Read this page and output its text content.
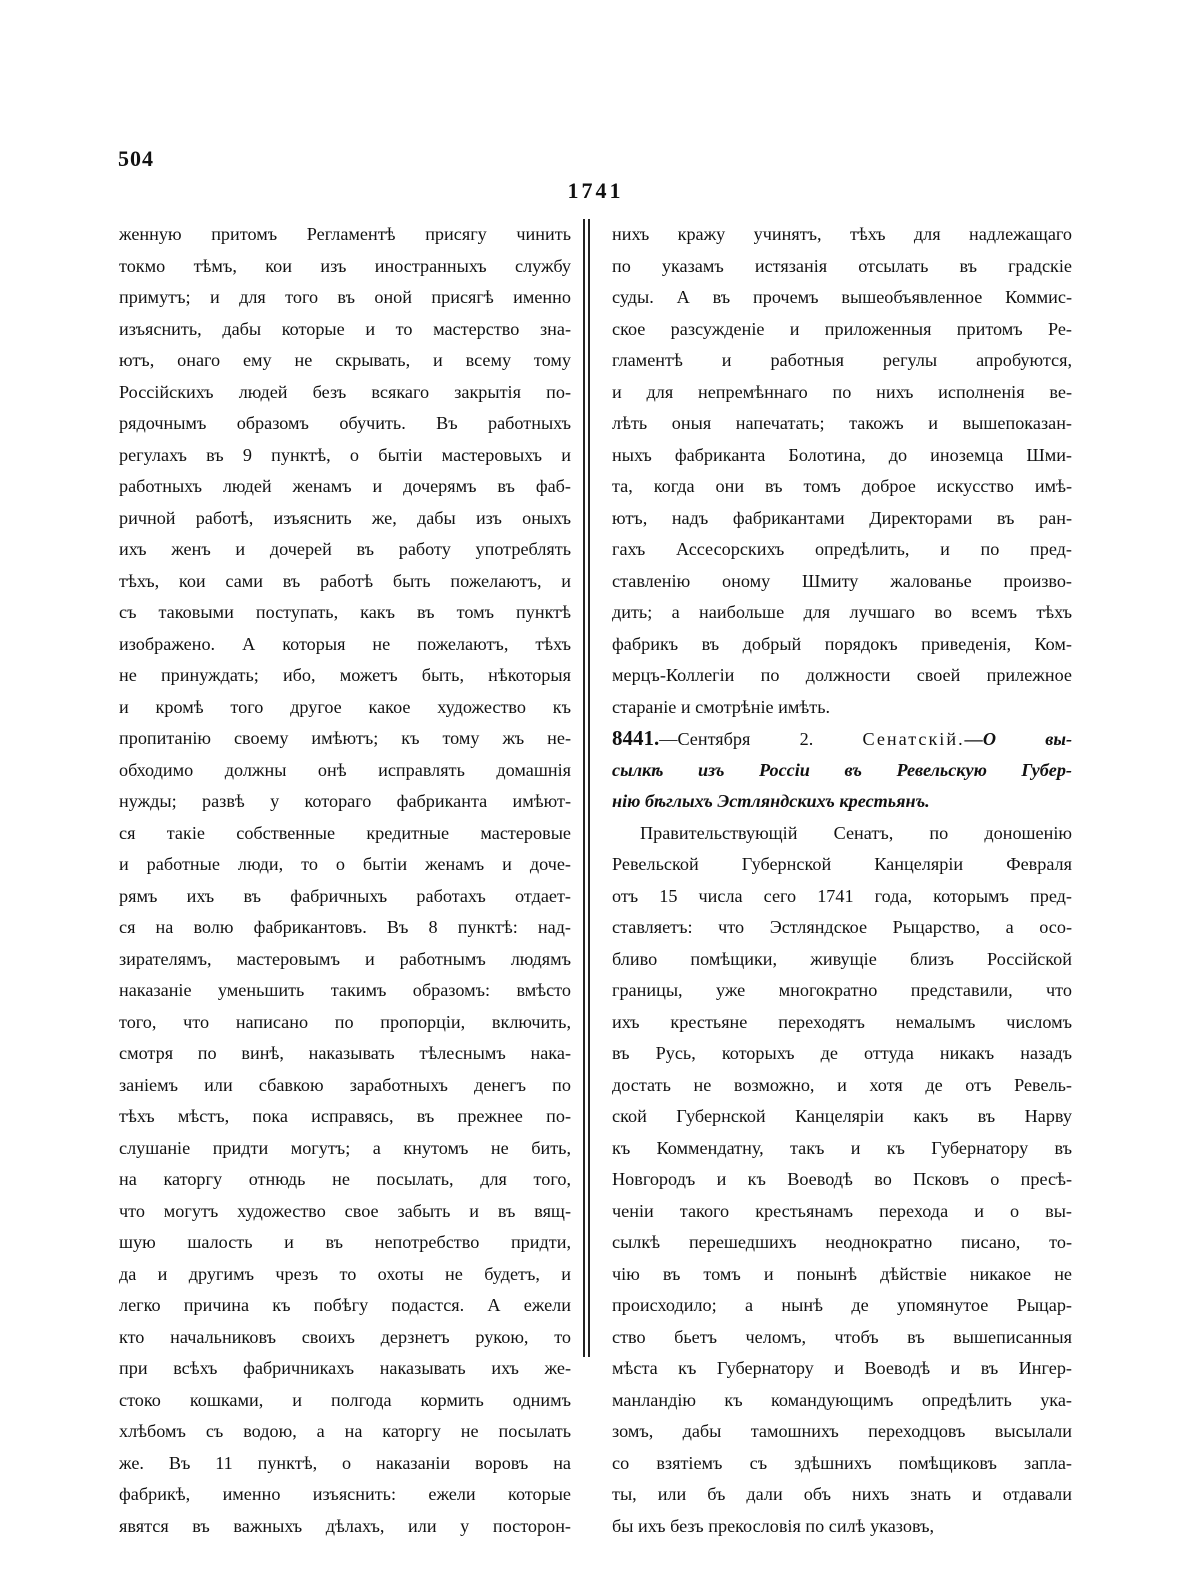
504
1741
женную притомъ Регламентѣ присягу чинить
токмо тѣмъ, кои изъ иностранныхъ службу
примутъ; и для того въ оной присягѣ именно
изъяснить, дабы которые и то мастерство зна-
ютъ, онаго ему не скрывать, и всему тому
Россійскихъ людей безъ всякаго закрытія по-
рядочнымъ образомъ обучить. Въ работныхъ
регулахъ въ 9 пунктѣ, о бытіи мастеровыхъ и
работныхъ людей женамъ и дочерямъ въ фаб-
ричной работѣ, изъяснить же, дабы изъ оныхъ
ихъ женъ и дочерей въ работу употреблять
тѣхъ, кои сами въ работѣ быть пожелаютъ, и
съ таковыми поступать, какъ въ томъ пунктѣ
изображено. А которыя не пожелаютъ, тѣхъ
не принуждать; ибо, можетъ быть, нѣкоторыя
и кромѣ того другое какое художество къ
пропитанію своему имѣютъ; къ тому жъ не-
обходимо должны онѣ исправлять домашнія
нужды; развѣ у котораго фабриканта имѣют-
ся такіе собственные кредитные мастеровые
и работные люди, то о бытіи женамъ и доче-
рямъ ихъ въ фабричныхъ работахъ отдает-
ся на волю фабрикантовъ. Въ 8 пунктѣ: над-
зирателямъ, мастеровымъ и работнымъ людямъ
наказаніе уменьшить такимъ образомъ: вмѣсто
того, что написано по пропорціи, включить,
смотря по винѣ, наказывать тѣлеснымъ нака-
заніемъ или сбавкою заработныхъ денегъ по
тѣхъ мѣстъ, пока исправясь, въ прежнее по-
слушаніе придти могутъ; а кнутомъ не бить,
на каторгу отнюдь не посылать, для того,
что могутъ художество свое забыть и въ вящ-
шую шалость и въ непотребство придти,
да и другимъ чрезъ то охоты не будетъ, и
легко причина къ побѣгу подастся. А ежели
кто начальниковъ своихъ дерзнетъ рукою, то
при всѣхъ фабричникахъ наказывать ихъ же-
стоко кошками, и полгода кормить однимъ
хлѣбомъ съ водою, а на каторгу не посылать
же. Въ 11 пунктѣ, о наказаніи воровъ на
фабрикѣ, именно изъяснить: ежели которые
явятся въ важныхъ дѣлахъ, или у посторон-
нихъ кражу учинятъ, тѣхъ для надлежащаго
по указамъ истязанія отсылать въ градскіе
суды. А въ прочемъ вышеобъявленное Коммис-
ское разсужденіе и приложенныя притомъ Ре-
гламентѣ и работныя регулы апробуются,
и для непремѣннаго по нихъ исполненія ве-
лѣть оныя напечатать; такожъ и вышепоказан-
ныхъ фабриканта Болотина, до иноземца Шми-
та, когда они въ томъ доброе искусство имѣ-
ютъ, надъ фабрикантами Директорами въ ран-
гахъ Ассесорскихъ опредѣлить, и по пред-
ставленію оному Шмиту жалованье произво-
дить; а наибольше для лучшаго во всемъ тѣхъ
фабрикъ въ добрый порядокъ приведенія, Ком-
мерцъ-Коллегіи по должности своей прилежное
стараніе и смотрѣніе имѣть.
8441.—Сентября 2.	Сенатскій.—О вы-
сылкѣ изъ Россіи въ Ревельскую Губер-
нію бѣглыхъ Эстляндскихъ крестьянъ.
Правительствующій Сенатъ, по доношенію
Ревельской Губернской Канцеляріи Февраля
отъ 15 числа сего 1741 года, которымъ пред-
ставляетъ: что Эстляндское Рыцарство, а осо-
бливо помѣщики, живущіе близъ Россійской
границы, уже многократно представили, что
ихъ крестьяне переходятъ немалымъ числомъ
въ Русь, которыхъ де оттуда никакъ назадъ
достать не возможно, и хотя де отъ Ревель-
ской Губернской Канцеляріи какъ въ Нарву
къ Коммендатну, такъ и къ Губернатору въ
Новгородъ и къ Воеводѣ во Псковъ о пресѣ-
ченіи такого крестьянамъ перехода и о вы-
сылкѣ перешедшихъ неоднократно писано, то-
чію въ томъ и понынѣ дѣйствіе никакое не
происходило; а нынѣ де упомянутое Рыцар-
ство бьетъ челомъ, чтобъ въ вышеписанныя
мѣста къ Губернатору и Воеводѣ и въ Ингер-
манландію къ командующимъ опредѣлить ука-
зомъ, дабы тамошнихъ переходцовъ высылали
со взятіемъ съ здѣшнихъ помѣщиковъ запла-
ты, или бъ дали объ нихъ знать и отдавали
бы ихъ безъ прекословія по силѣ указовъ,
